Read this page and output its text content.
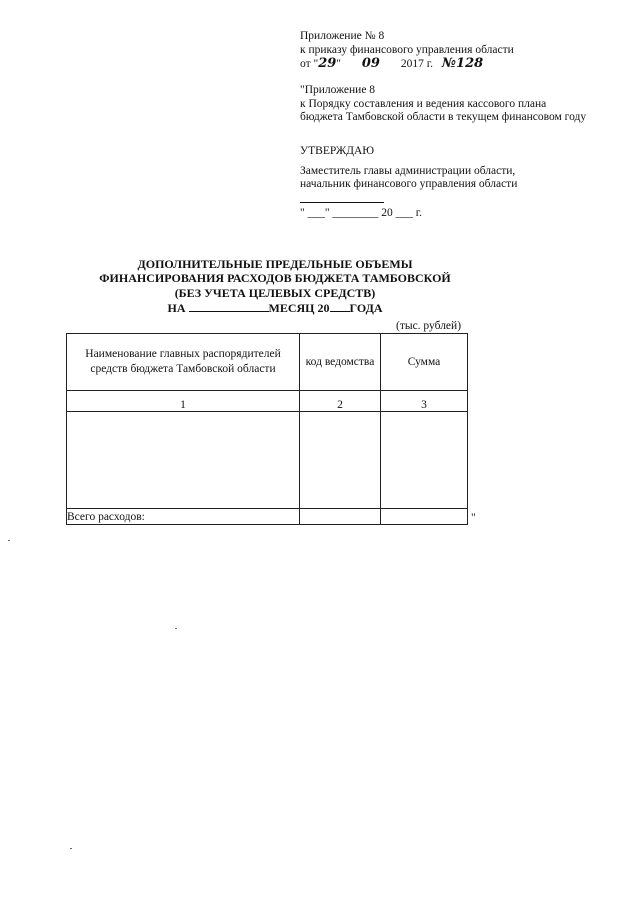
Приложение № 8
к приказу финансового управления области
от "29" 09 2017 г. №128
"Приложение 8
к Порядку составления и ведения кассового плана
бюджета Тамбовской области в текущем финансовом году
УТВЕРЖДАЮ
Заместитель главы администрации области,
начальник финансового управления области
" ___" ________ 20 ___ г.
ДОПОЛНИТЕЛЬНЫЕ ПРЕДЕЛЬНЫЕ ОБЪЕМЫ
ФИНАНСИРОВАНИЯ РАСХОДОВ БЮДЖЕТА ТАМБОВСКОЙ
(БЕЗ УЧЕТА ЦЕЛЕВЫХ СРЕДСТВ)
НА	МЕСЯЦ 20 ГОДА
(тыс. рублей)
Наименование главных распорядителей
средств бюджета Тамбовской области	код ведомства	Сумма
1	2	3

Всего расходов:			"
